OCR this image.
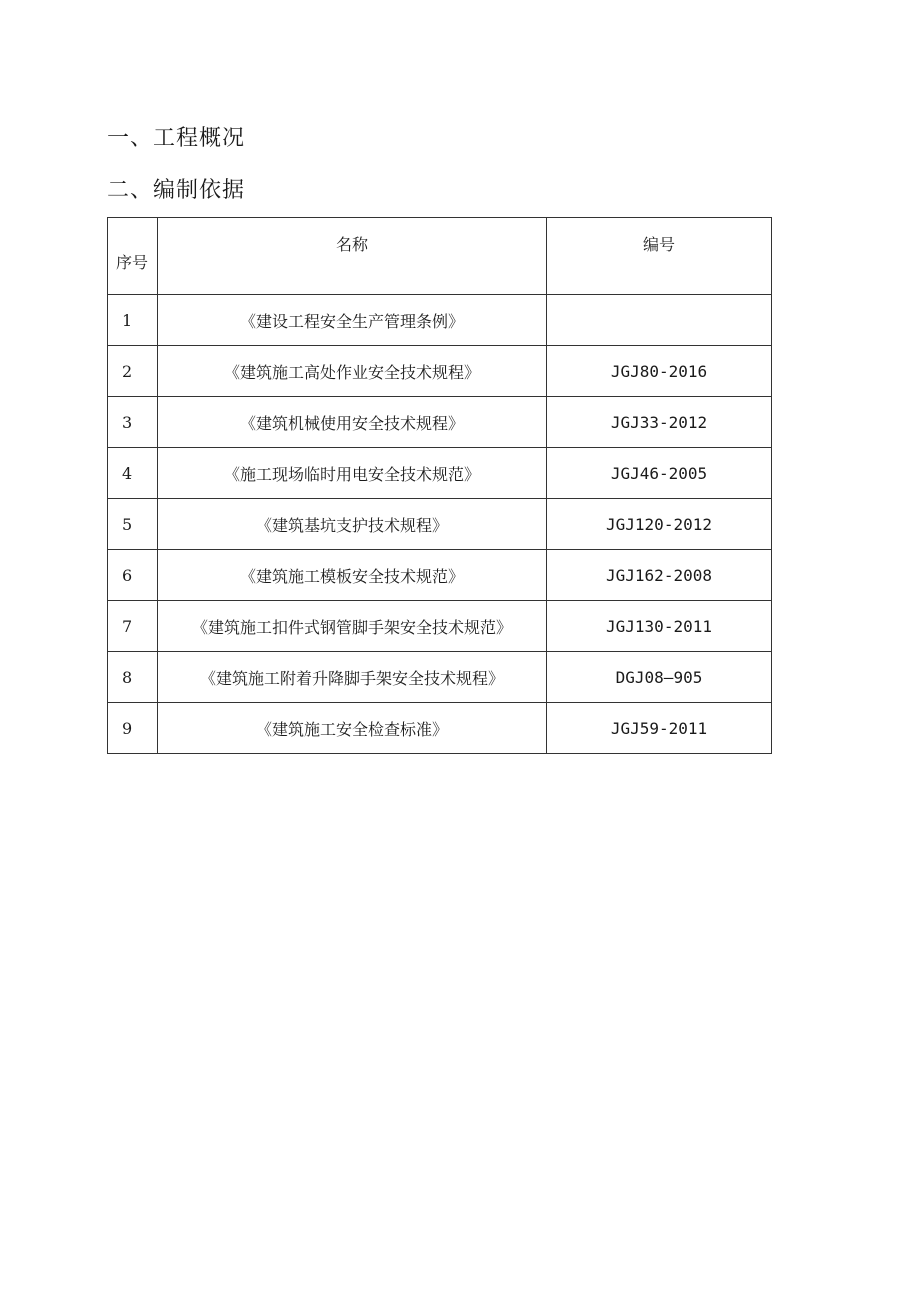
一、工程概况
二、编制依据
序号	名称	编号
1	《建设工程安全生产管理条例》	
2	《建筑施工高处作业安全技术规程》	JGJ80-2016
3	《建筑机械使用安全技术规程》	JGJ33-2012
4	《施工现场临时用电安全技术规范》	JGJ46-2005
5	《建筑基坑支护技术规程》	JGJ120-2012
6	《建筑施工模板安全技术规范》	JGJ162-2008
7	《建筑施工扣件式钢管脚手架安全技术规范》	JGJ130-2011
8	《建筑施工附着升降脚手架安全技术规程》	DGJ08—905
9	《建筑施工安全检查标准》	JGJ59-2011
